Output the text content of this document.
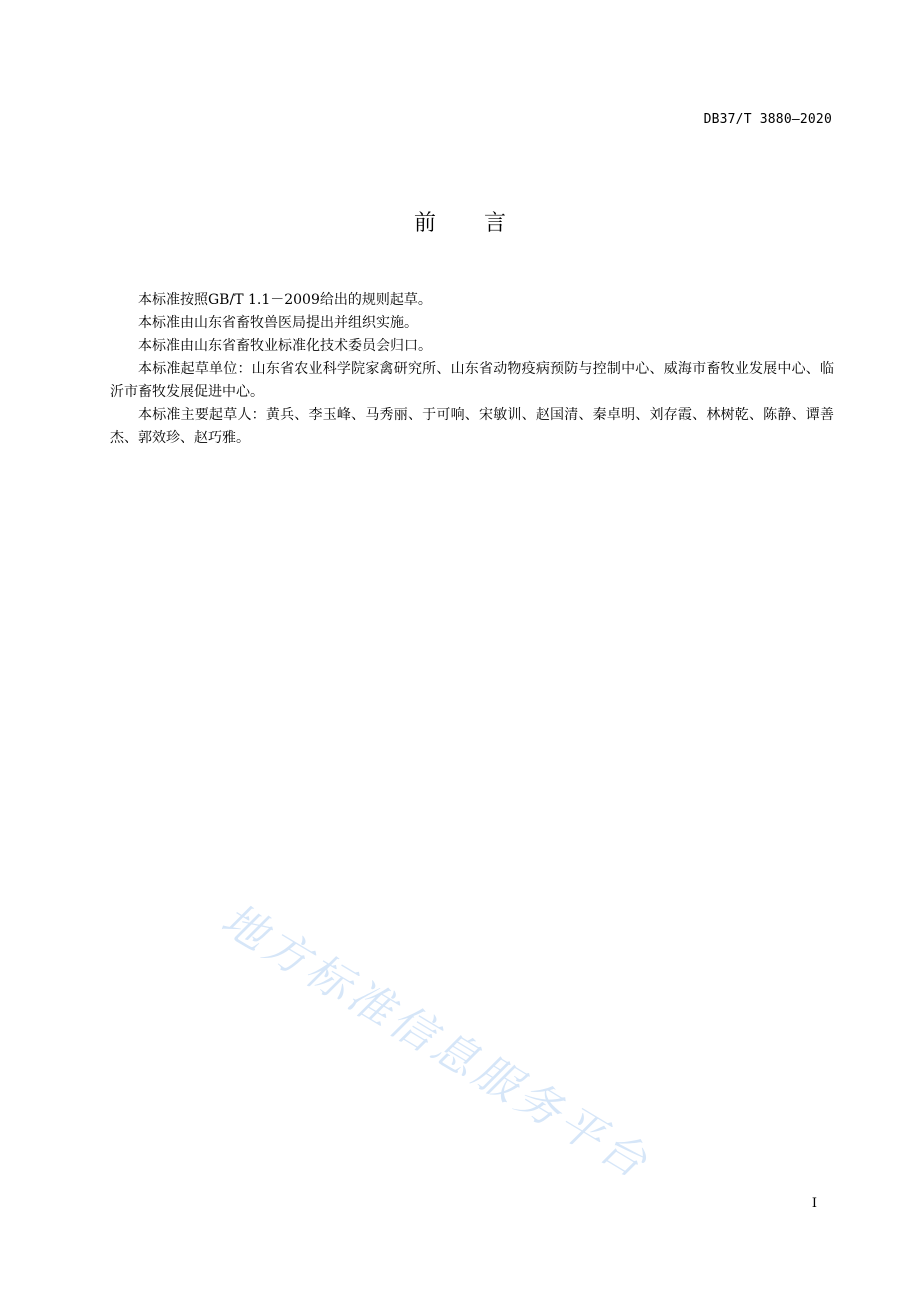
DB37/T 3880—2020
前言

本标准按照GB/T 1.1－2009给出的规则起草。

本标准由山东省畜牧兽医局提出并组织实施。

本标准由山东省畜牧业标准化技术委员会归口。

本标准起草单位：山东省农业科学院家禽研究所、山东省动物疫病预防与控制中心、威海市畜牧业发展中心、临沂市畜牧发展促进中心。

本标准主要起草人：黄兵、李玉峰、马秀丽、于可响、宋敏训、赵国清、秦卓明、刘存霞、林树乾、陈静、谭善杰、郭效珍、赵巧雅。

地方标准信息服务平台
I
